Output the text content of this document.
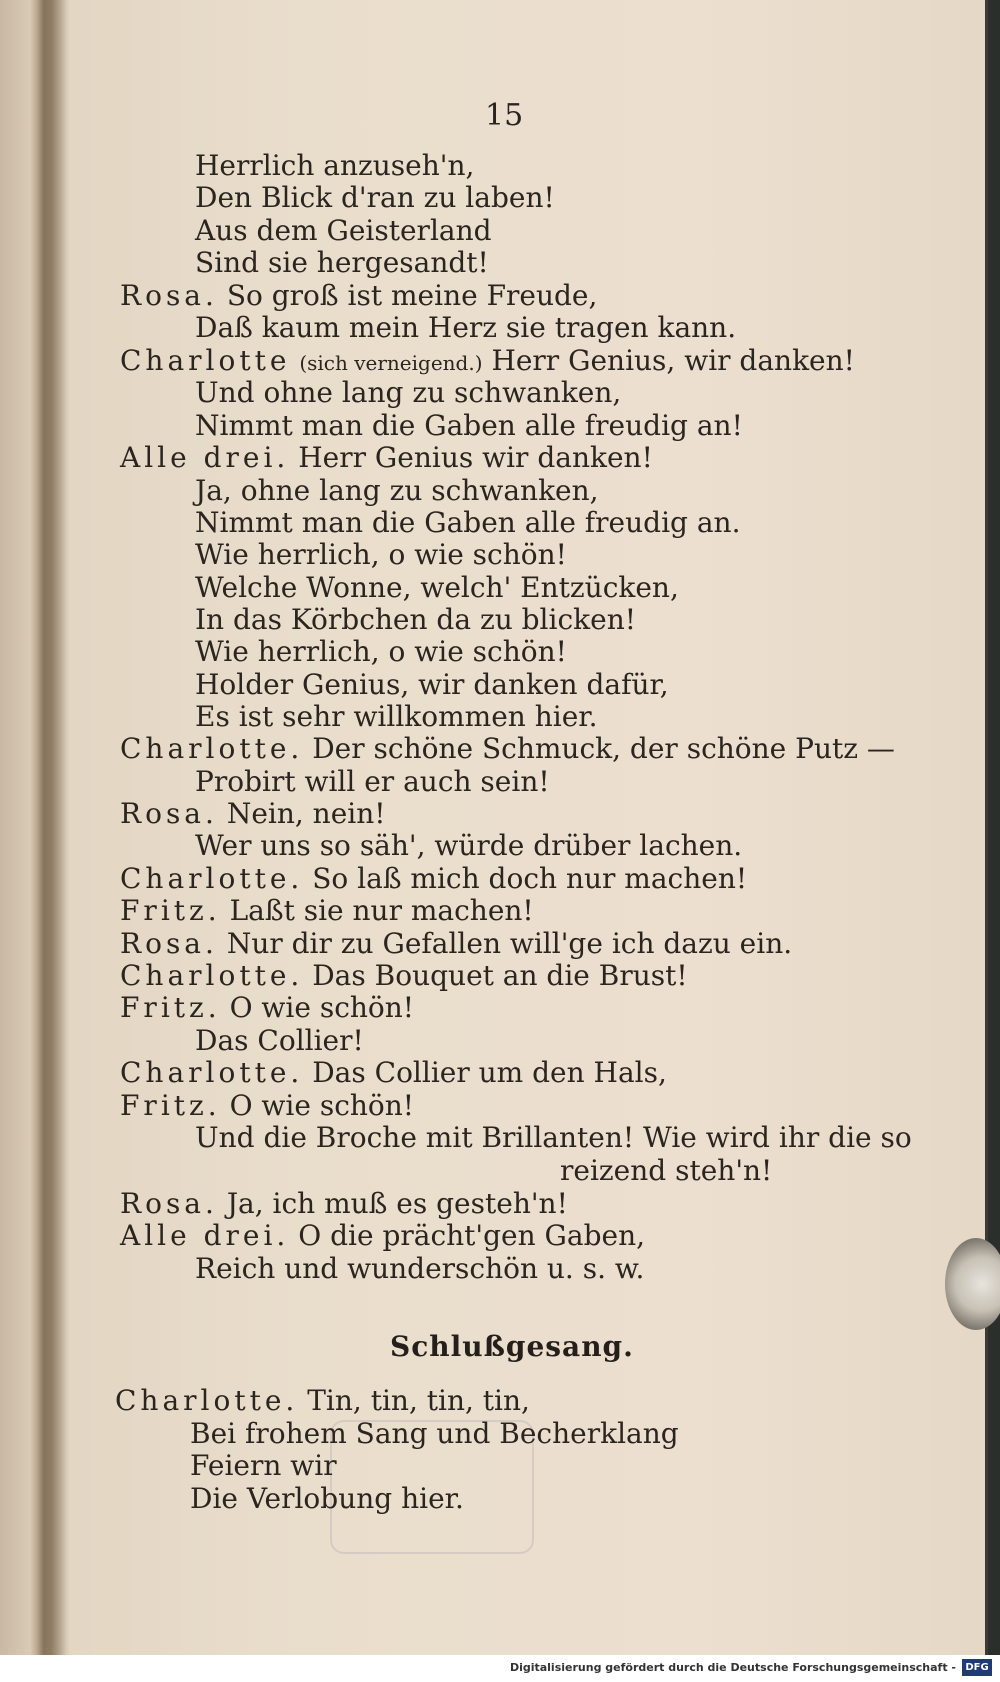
15
Schlußgesang.
Herrlich anzuseh'n,
Den Blick d'ran zu laben!
Aus dem Geisterland
Sind sie hergesandt!
Rosa. So groß ist meine Freude,
Daß kaum mein Herz sie tragen kann.
Charlotte (sich verneigend.) Herr Genius, wir danken!
Und ohne lang zu schwanken,
Nimmt man die Gaben alle freudig an!
Alle drei. Herr Genius wir danken!
Ja, ohne lang zu schwanken,
Nimmt man die Gaben alle freudig an.
Wie herrlich, o wie schön!
Welche Wonne, welch' Entzücken,
In das Körbchen da zu blicken!
Wie herrlich, o wie schön!
Holder Genius, wir danken dafür,
Es ist sehr willkommen hier.
Charlotte. Der schöne Schmuck, der schöne Putz —
Probirt will er auch sein!
Rosa. Nein, nein!
Wer uns so säh', würde drüber lachen.
Charlotte. So laß mich doch nur machen!
Fritz. Laßt sie nur machen!
Rosa. Nur dir zu Gefallen will'ge ich dazu ein.
Charlotte. Das Bouquet an die Brust!
Fritz. O wie schön!
Das Collier!
Charlotte. Das Collier um den Hals,
Fritz. O wie schön!
Und die Broche mit Brillanten! Wie wird ihr die so
reizend steh'n!
Rosa. Ja, ich muß es gesteh'n!
Alle drei. O die prächt'gen Gaben,
Reich und wunderschön u. s. w.
Charlotte. Tin, tin, tin, tin,
Bei frohem Sang und Becherklang
Feiern wir
Die Verlobung hier.
Digitalisierung gefördert durch die Deutsche Forschungsgemeinschaft - DFG
